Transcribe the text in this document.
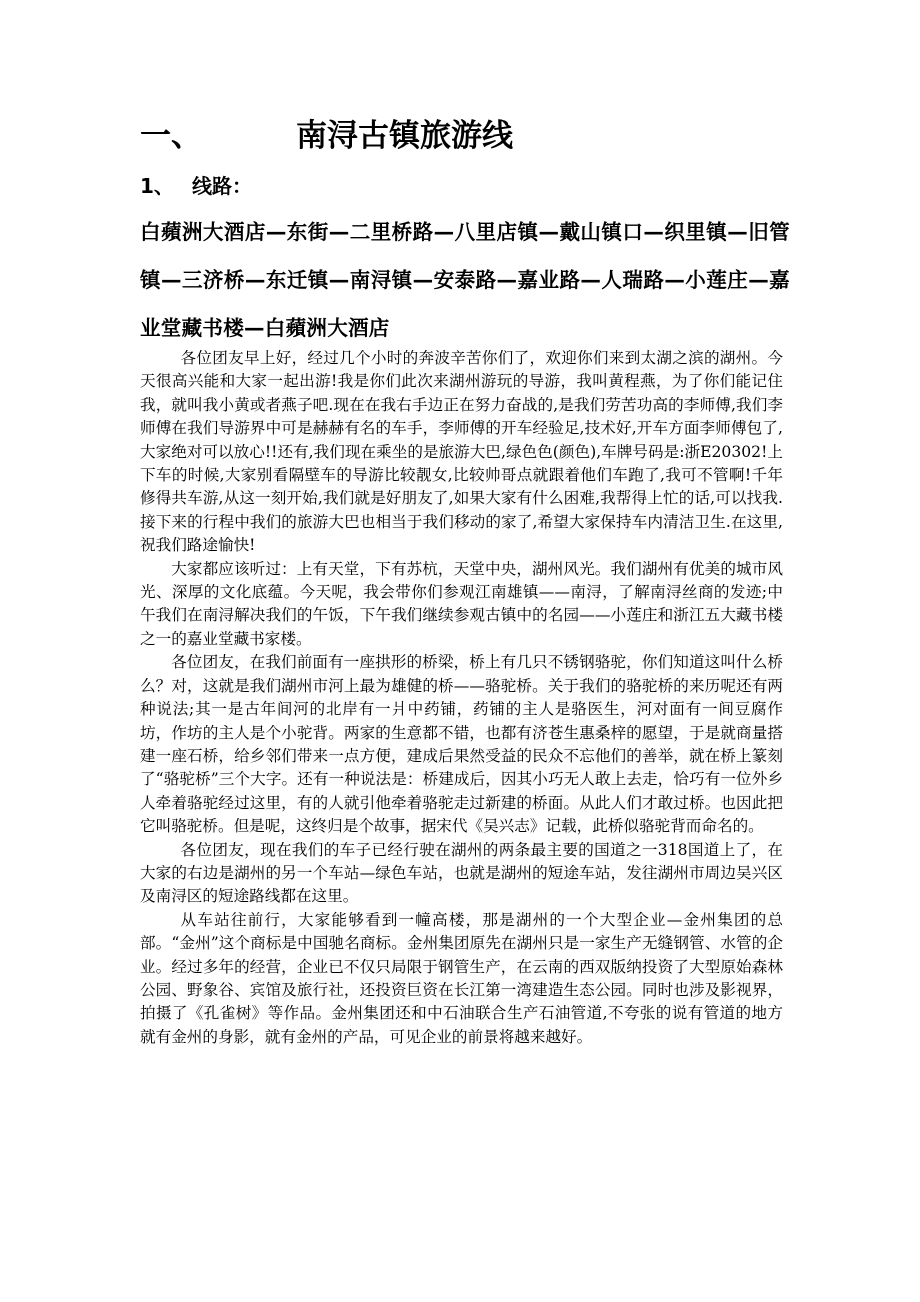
一、	南浔古镇旅游线
1、 线路：
白蘋洲大酒店—东街—二里桥路—八里店镇—戴山镇口—织里镇—旧管镇—三济桥—东迁镇—南浔镇—安泰路—嘉业路—人瑞路—小莲庄—嘉业堂藏书楼—白蘋洲大酒店

各位团友早上好，经过几个小时的奔波辛苦你们了，欢迎你们来到太湖之滨的湖州。今天很高兴能和大家一起出游!我是你们此次来湖州游玩的导游，我叫黄程燕，为了你们能记住我，就叫我小黄或者燕子吧.现在在我右手边正在努力奋战的,是我们劳苦功高的李师傅,我们李师傅在我们导游界中可是赫赫有名的车手，李师傅的开车经验足,技术好,开车方面李师傅包了,大家绝对可以放心!!还有,我们现在乘坐的是旅游大巴,绿色色(颜色),车牌号码是:浙E20302!上下车的时候,大家别看隔壁车的导游比较靓女,比较帅哥点就跟着他们车跑了,我可不管啊!千年修得共车游,从这一刻开始,我们就是好朋友了,如果大家有什么困难,我帮得上忙的话,可以找我.接下来的行程中我们的旅游大巴也相当于我们移动的家了,希望大家保持车内清洁卫生.在这里,祝我们路途愉快!

大家都应该听过：上有天堂，下有苏杭，天堂中央，湖州风光。我们湖州有优美的城市风光、深厚的文化底蕴。今天呢，我会带你们参观江南雄镇——南浔，了解南浔丝商的发迹;中午我们在南浔解决我们的午饭，下午我们继续参观古镇中的名园——小莲庄和浙江五大藏书楼之一的嘉业堂藏书家楼。

各位团友，在我们前面有一座拱形的桥梁，桥上有几只不锈钢骆驼，你们知道这叫什么桥么？对，这就是我们湖州市河上最为雄健的桥——骆驼桥。关于我们的骆驼桥的来历呢还有两种说法;其一是古年间河的北岸有一爿中药铺，药铺的主人是骆医生，河对面有一间豆腐作坊，作坊的主人是个小驼背。两家的生意都不错，也都有济苍生惠桑梓的愿望，于是就商量搭建一座石桥，给乡邻们带来一点方便，建成后果然受益的民众不忘他们的善举，就在桥上篆刻了“骆驼桥”三个大字。还有一种说法是：桥建成后，因其小巧无人敢上去走，恰巧有一位外乡人牵着骆驼经过这里，有的人就引他牵着骆驼走过新建的桥面。从此人们才敢过桥。也因此把它叫骆驼桥。但是呢，这终归是个故事，据宋代《吴兴志》记载，此桥似骆驼背而命名的。

各位团友，现在我们的车子已经行驶在湖州的两条最主要的国道之一318国道上了，在大家的右边是湖州的另一个车站—绿色车站，也就是湖州的短途车站，发往湖州市周边吴兴区及南浔区的短途路线都在这里。

从车站往前行，大家能够看到一幢高楼，那是湖州的一个大型企业—金州集团的总部。“金州”这个商标是中国驰名商标。金州集团原先在湖州只是一家生产无缝钢管、水管的企业。经过多年的经营，企业已不仅只局限于钢管生产，在云南的西双版纳投资了大型原始森林公园、野象谷、宾馆及旅行社，还投资巨资在长江第一湾建造生态公园。同时也涉及影视界，拍摄了《孔雀树》等作品。金州集团还和中石油联合生产石油管道,不夸张的说有管道的地方就有金州的身影，就有金州的产品，可见企业的前景将越来越好。
